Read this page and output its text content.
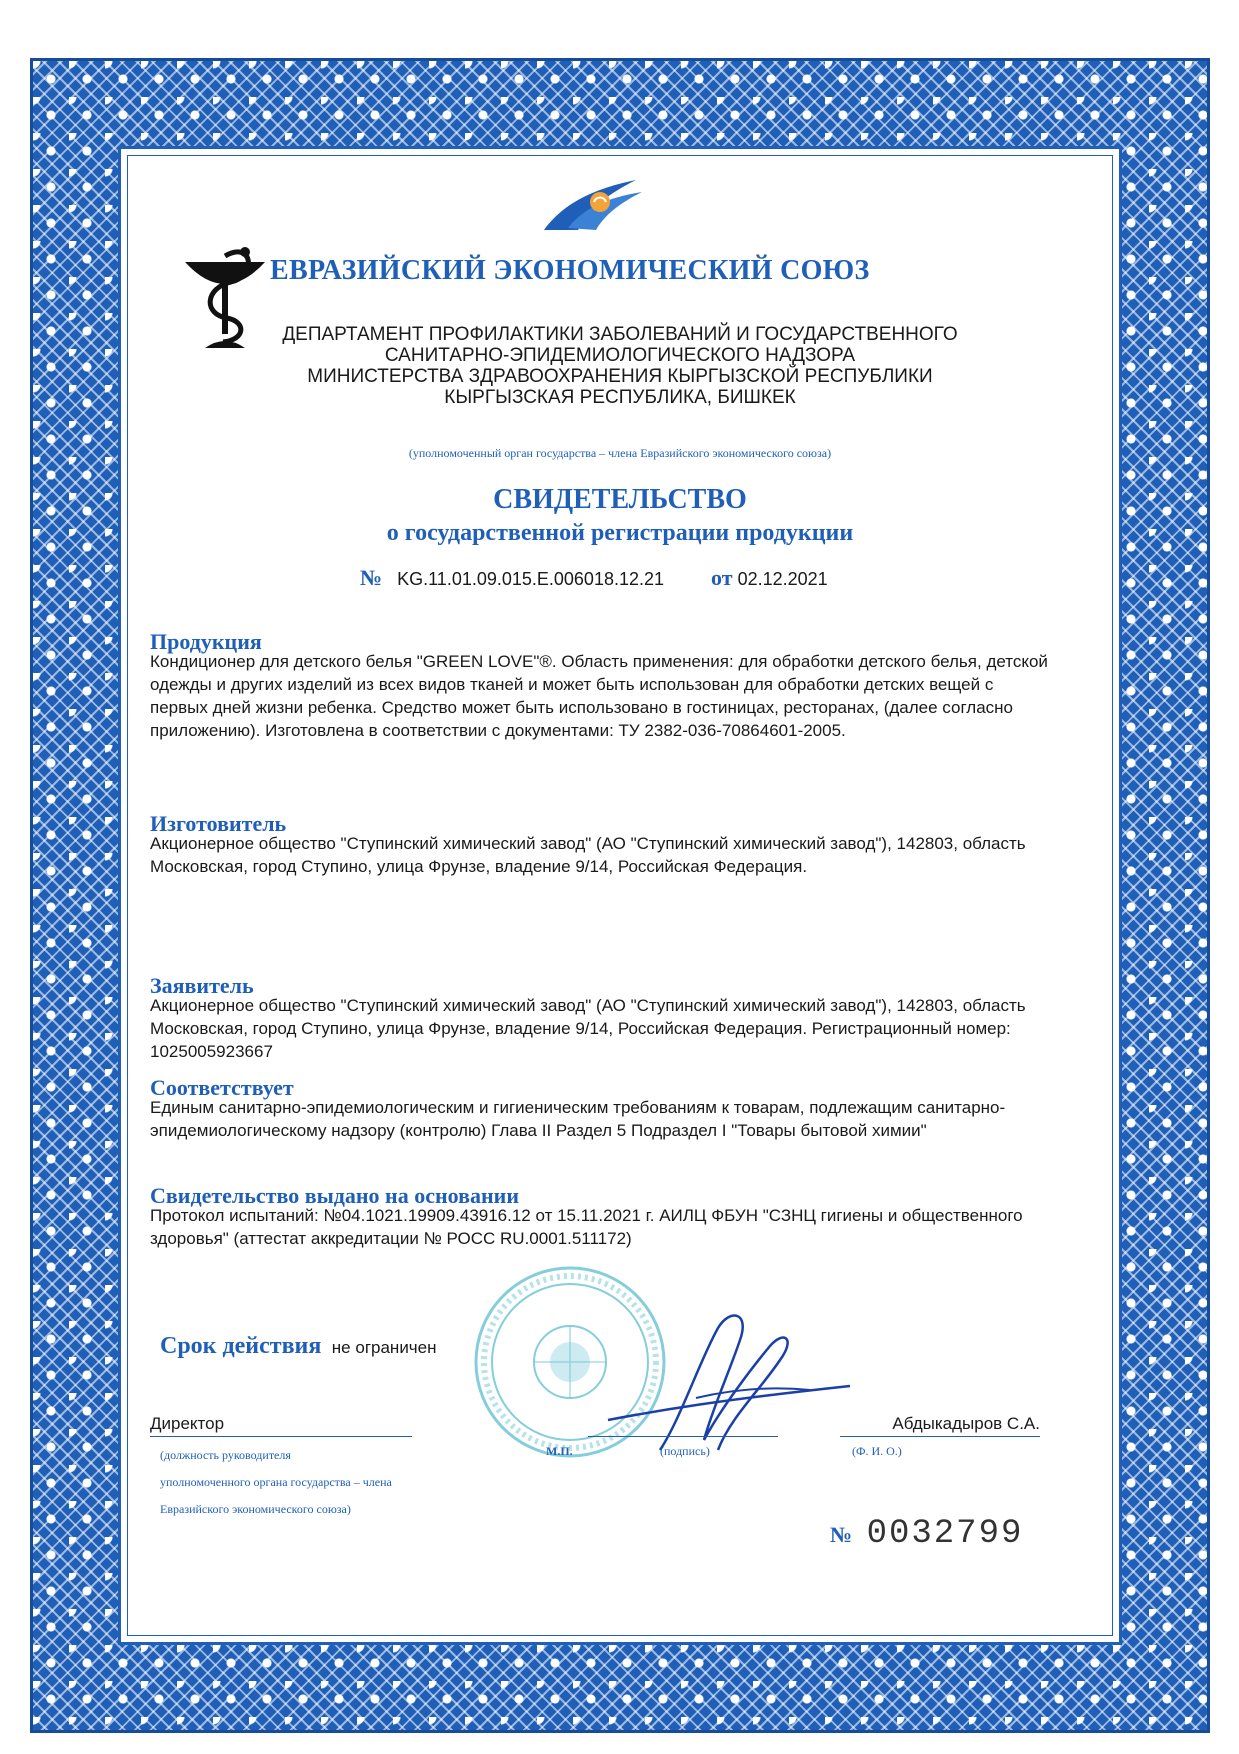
ЕВРАЗИЙСКИЙ ЭКОНОМИЧЕСКИЙ СОЮЗ
ДЕПАРТАМЕНТ ПРОФИЛАКТИКИ ЗАБОЛЕВАНИЙ И ГОСУДАРСТВЕННОГО
САНИТАРНО-ЭПИДЕМИОЛОГИЧЕСКОГО НАДЗОРА
МИНИСТЕРСТВА ЗДРАВООХРАНЕНИЯ КЫРГЫЗСКОЙ РЕСПУБЛИКИ
КЫРГЫЗСКАЯ РЕСПУБЛИКА, БИШКЕК
(уполномоченный орган государства – члена Евразийского экономического союза)
СВИДЕТЕЛЬСТВО
о государственной регистрации продукции
№ KG.11.01.09.015.E.006018.12.21 от 02.12.2021
Продукция
Кондиционер для детского белья "GREEN LOVE"®. Область применения: для обработки детского белья, детской одежды и других изделий из всех видов тканей и может быть использован для обработки детских вещей с первых дней жизни ребенка. Средство может быть использовано в гостиницах, ресторанах, (далее согласно приложению). Изготовлена в соответствии с документами: ТУ 2382-036-70864601-2005.
Изготовитель
Акционерное общество "Ступинский химический завод" (АО "Ступинский химический завод"), 142803, область Московская, город Ступино, улица Фрунзе, владение 9/14, Российская Федерация.
Заявитель
Акционерное общество "Ступинский химический завод" (АО "Ступинский химический завод"), 142803, область Московская, город Ступино, улица Фрунзе, владение 9/14, Российская Федерация. Регистрационный номер: 1025005923667
Соответствует
Единым санитарно-эпидемиологическим и гигиеническим требованиям к товарам, подлежащим санитарно-эпидемиологическому надзору (контролю) Глава II Раздел 5 Подраздел I "Товары бытовой химии"
Свидетельство выдано на основании
Протокол испытаний: №04.1021.19909.43916.12 от 15.11.2021 г. АИЛЦ ФБУН "СЗНЦ гигиены и общественного здоровья" (аттестат аккредитации № РОСС RU.0001.511172)
Срок действия не ограничен
Директор
(должность руководителя
уполномоченного органа государства – члена
Евразийского экономического союза)
М.П.	(подпись)
Абдыкадыров С.А.
(Ф. И. О.)
№ 0032799
